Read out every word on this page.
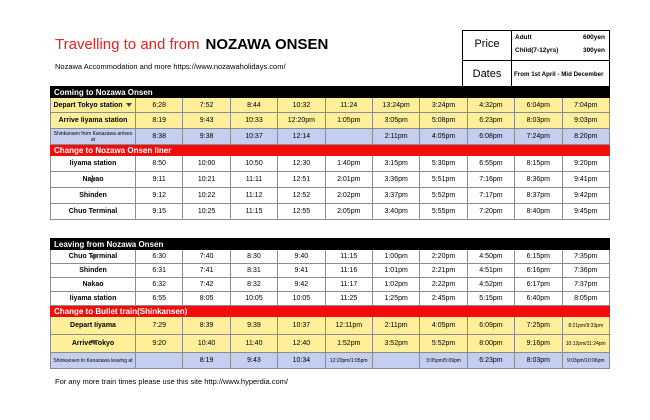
Travelling to and from NOZAWA ONSEN
Nozawa Accommodation and more https://www.nozawaholidays.com/
Price
Adult	600yen
Child(7-12yrs)	300yen
Dates	From 1st April - Mid December
Coming to Nozawa Onsen										
Depart Tokyo station	6:28	7:52	8:44	10:32	11:24	13:24pm	3:24pm	4:32pm	6:04pm	7:04pm
Arrive Iiyama station	8:19	9:43	10:33	12:20pm	1:05pm	3:05pm	5:08pm	6:23pm	8:03pm	9:03pm
Shinkansen from Kanazawa arrives at	8:38	9:38	10:37	12:14		2:11pm	4:05pm	6:08pm	7:24pm	8:20pm
Change to Nozawa Onsen liner										
Iiyama station	8:50	10:00	10:50	12:30	1:40pm	3:15pm	5:30pm	6:55pm	8:15pm	9:20pm
Nakao	9:11	10:21	11:11	12:51	2:01pm	3:36pm	5:51pm	7:16pm	8:36pm	9:41pm
Shinden	9:12	10:22	11:12	12:52	2:02pm	3:37pm	5:52pm	7:17pm	8:37pm	9:42pm
Chuo Terminal	9:15	10:25	11:15	12:55	2:05pm	3:40pm	5:55pm	7:20pm	8:40pm	9:45pm
Leaving from Nozawa Onsen										
Chuo Terminal	6:30	7:40	8:30	9:40	11:15	1:00pm	2:20pm	4:50pm	6:15pm	7:35pm
Shinden	6:31	7:41	8:31	9:41	11:16	1:01pm	2:21pm	4:51pm	6:16pm	7:36pm
Nakao	6:32	7:42	8:32	9:42	11:17	1:02pm	2:22pm	4:52pm	6:17pm	7:37pm
Iiyama station	6:55	8:05	10:05	10:05	11:25	1:25pm	2:45pm	5:15pm	6:40pm	8:05pm
Change to Bullet train(Shinkansen)										
Depart Iiyama	7:29	8:39	9:39	10:37	12:11pm	2:11pm	4:05pm	6:09pm	7:25pm	8:21pm/9:33pm
Arrive Tokyo	9:20	10:40	11:40	12:40	1:52pm	3:52pm	5:52pm	8:00pm	9:16pm	10:12pm/11:24pm
Shinkansen to Kanazawa leaving at		8:19	9:43	10:34	12:20pm/1:05pm		3:05pm/5:09pm	6:23pm	8:03pm	9:03pm/10:06pm
For any more train times please use this site http://www.hyperdia.com/
